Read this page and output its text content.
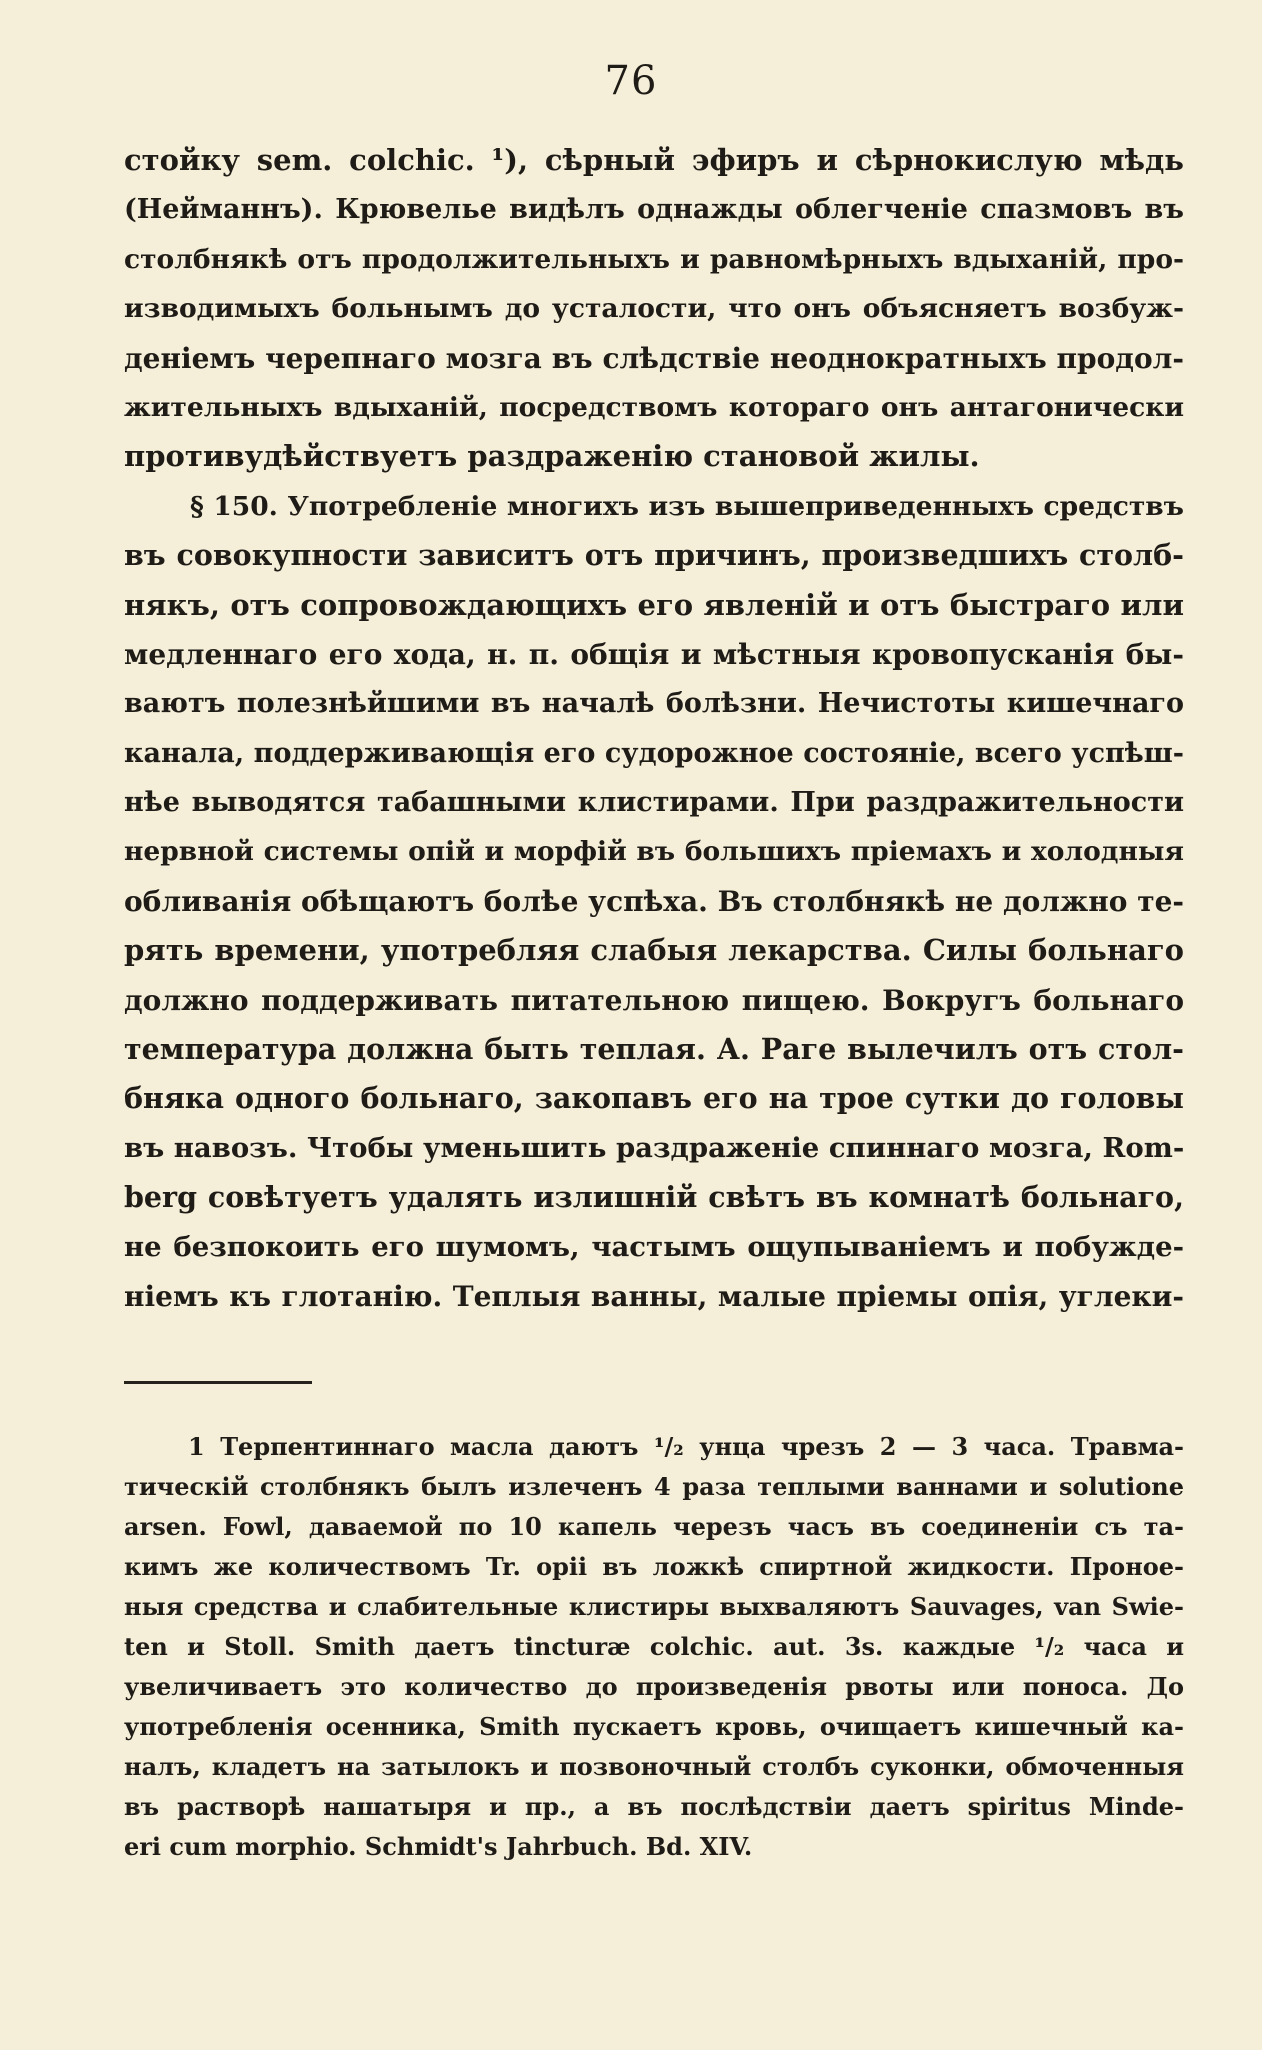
76
стойку sem. colchic. ¹), сѣрный эфиръ и сѣрнокислую мѣдь
(Нейманнъ). Крювелье видѣлъ однажды облегченіе спазмовъ въ
столбнякѣ отъ продолжительныхъ и равномѣрныхъ вдыханій, про-
изводимыхъ больнымъ до усталости, что онъ объясняетъ возбуж-
деніемъ черепнаго мозга въ слѣдствіе неоднократныхъ продол-
жительныхъ вдыханій, посредствомъ котораго онъ антагонически
противудѣйствуетъ раздраженію становой жилы.
§ 150. Употребленіе многихъ изъ вышеприведенныхъ средствъ
въ совокупности зависитъ отъ причинъ, произведшихъ столб-
някъ, отъ сопровождающихъ его явленій и отъ быстраго или
медленнаго его хода, н. п. общія и мѣстныя кровопусканія бы-
ваютъ полезнѣйшими въ началѣ болѣзни. Нечистоты кишечнаго
канала, поддерживающія его судорожное состояніе, всего успѣш-
нѣе выводятся табашными клистирами. При раздражительности
нервной системы опій и морфій въ большихъ пріемахъ и холодныя
обливанія обѣщаютъ болѣе успѣха. Въ столбнякѣ не должно те-
рять времени, употребляя слабыя лекарства. Силы больнаго
должно поддерживать питательною пищею. Вокругъ больнаго
температура должна быть теплая. А. Раге вылечилъ отъ стол-
бняка одного больнаго, закопавъ его на трое сутки до головы
въ навозъ. Чтобы уменьшить раздраженіе спиннаго мозга, Rom-
berg совѣтуетъ удалять излишній свѣтъ въ комнатѣ больнаго,
не безпокоить его шумомъ, частымъ ощупываніемъ и побужде-
ніемъ къ глотанію. Теплыя ванны, малые пріемы опія, углеки-
1 Терпентиннаго масла даютъ ¹/₂ унца чрезъ 2 — 3 часа. Травма-
тическій столбнякъ былъ излеченъ 4 раза теплыми ваннами и solutione
arsen. Fowl, даваемой по 10 капель черезъ часъ въ соединеніи съ та-
кимъ же количествомъ Tr. opii въ ложкѣ спиртной жидкости. Проное-
ныя средства и слабительные клистиры выхваляютъ Sauvages, van Swie-
ten и Stoll. Smith даетъ tincturæ colchic. aut. 3s. каждые ¹/₂ часа и
увеличиваетъ это количество до произведенія рвоты или поноса. До
употребленія осенника, Smith пускаетъ кровь, очищаетъ кишечный ка-
налъ, кладетъ на затылокъ и позвоночный столбъ суконки, обмоченныя
въ растворѣ нашатыря и пр., а въ послѣдствіи даетъ spiritus Minde-
eri cum morphio. Schmidt's Jahrbuch. Bd. XIV.
